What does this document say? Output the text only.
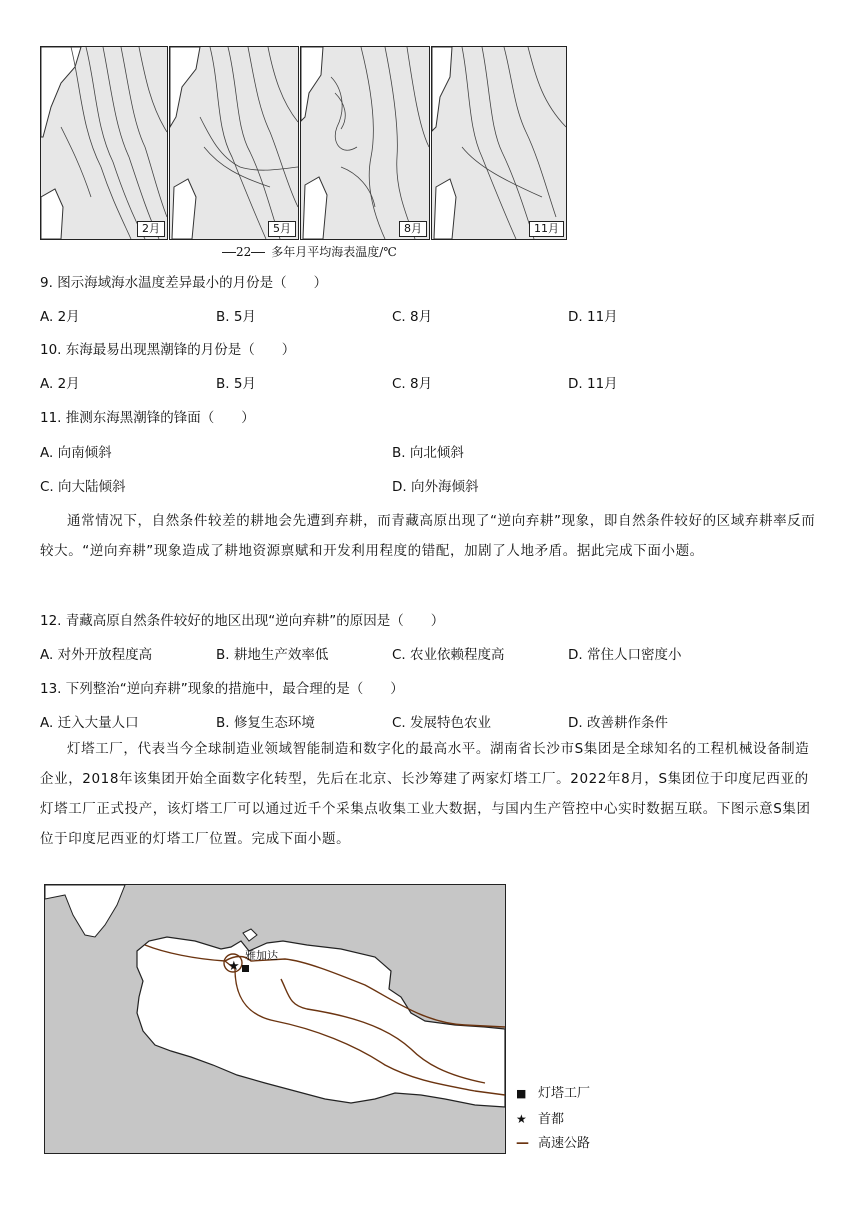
2月	5月	8月	11月
22 多年月平均海表温度/℃
9. 图示海域海水温度差异最小的月份是（　　）
A. 2月	B. 5月	C. 8月	D. 11月
10. 东海最易出现黑潮锋的月份是（　　）
A. 2月	B. 5月	C. 8月	D. 11月
11. 推测东海黑潮锋的锋面（　　）
A. 向南倾斜	B. 向北倾斜
C. 向大陆倾斜	D. 向外海倾斜

通常情况下，自然条件较差的耕地会先遭到弃耕，而青藏高原出现了“逆向弃耕”现象，即自然条件较好的区域弃耕率反而较大。“逆向弃耕”现象造成了耕地资源禀赋和开发利用程度的错配，加剧了人地矛盾。据此完成下面小题。

12. 青藏高原自然条件较好的地区出现“逆向弃耕”的原因是（　　）
A. 对外开放程度高	B. 耕地生产效率低	C. 农业依赖程度高	D. 常住人口密度小
13. 下列整治“逆向弃耕”现象的措施中，最合理的是（　　）
A. 迁入大量人口	B. 修复生态环境	C. 发展特色农业	D. 改善耕作条件

灯塔工厂，代表当今全球制造业领域智能制造和数字化的最高水平。湖南省长沙市S集团是全球知名的工程机械设备制造企业，2018年该集团开始全面数字化转型，先后在北京、长沙筹建了两家灯塔工厂。2022年8月，S集团位于印度尼西亚的灯塔工厂正式投产，该灯塔工厂可以通过近千个采集点收集工业大数据，与国内生产管控中心实时数据互联。下图示意S集团位于印度尼西亚的灯塔工厂位置。完成下面小题。

★
雅加达
■ 灯塔工厂
★ 首都
— 高速公路
